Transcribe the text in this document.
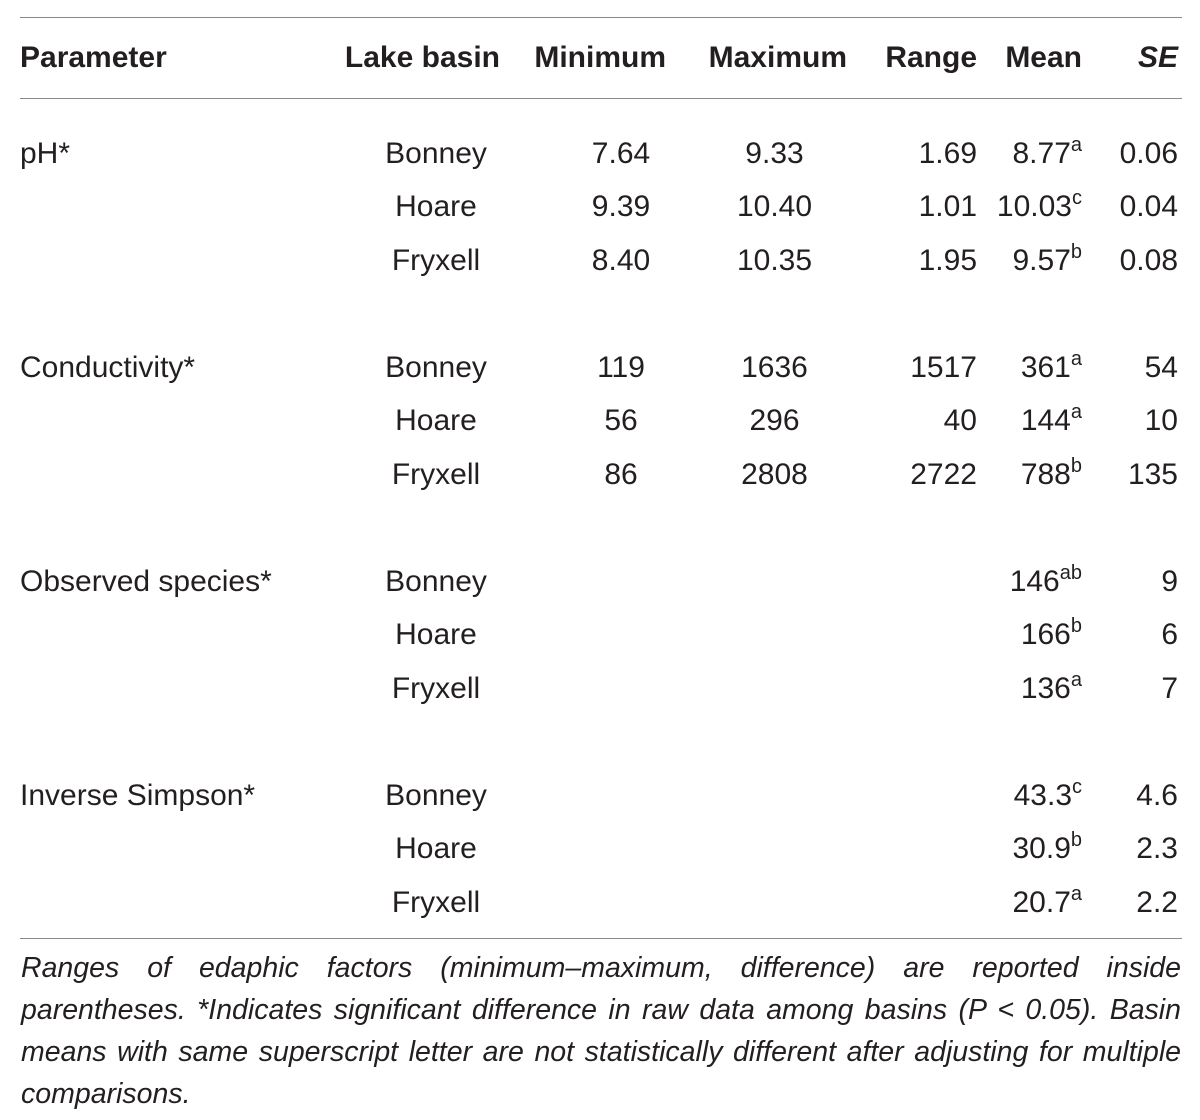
Parameter	Lake basin	Minimum	Maximum	Range	Mean	SE
pH*	Bonney	7.64	9.33	1.69	8.77$^a$	0.06
	Hoare	9.39	10.40	1.01	10.03$^c$	0.04
	Fryxell	8.40	10.35	1.95	9.57$^b$	0.08

Conductivity*	Bonney	119	1636	1517	361$^a$	54
	Hoare	56	296	40	144$^a$	10
	Fryxell	86	2808	2722	788$^b$	135

Observed species*	Bonney				$146^{ab}$	9
	Hoare				166$^b$	6
	Fryxell				136$^a$	7

Inverse Simpson*	Bonney				43.3$^c$	4.6
	Hoare				30.9$^b$	2.3
	Fryxell				20.7$^a$	2.2
Ranges of edaphic factors (minimum–maximum, difference) are reported inside parentheses. *Indicates significant difference in raw data among basins (P < 0.05). Basin means with same superscript letter are not statistically different after adjusting for multiple comparisons.						
